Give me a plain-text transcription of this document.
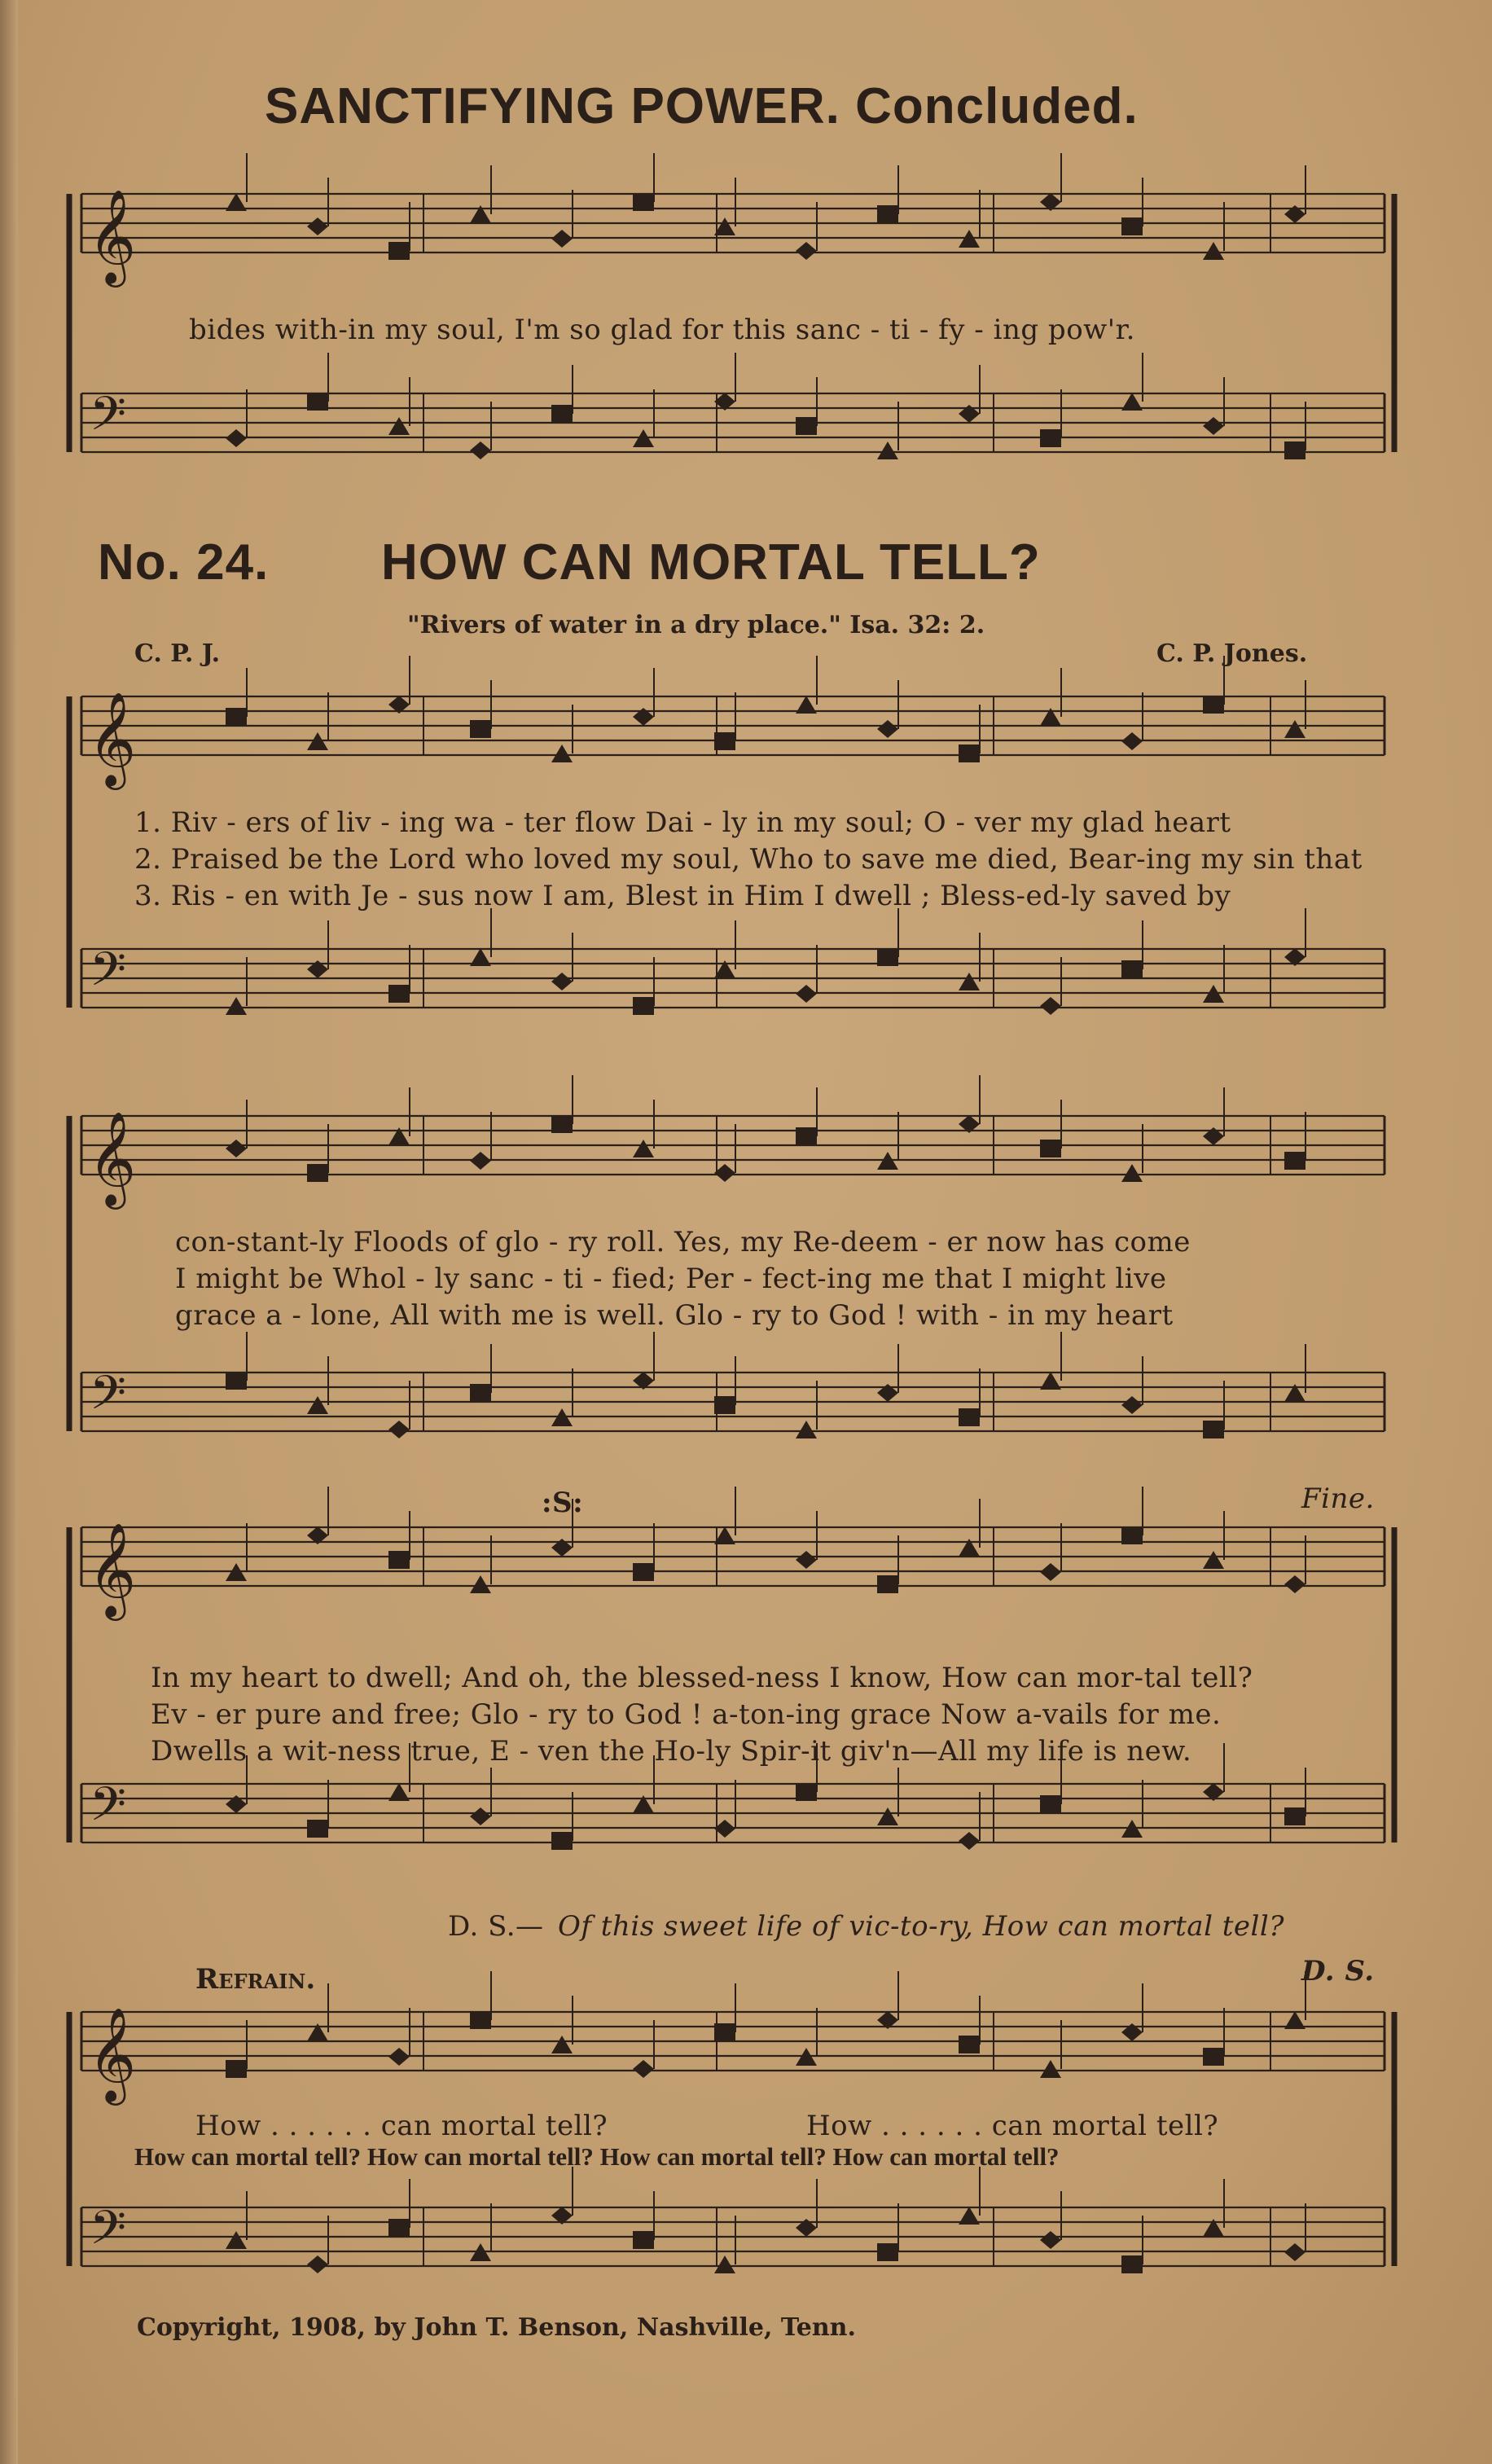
𝄞
𝄢
𝄞
𝄢
𝄞
𝄢
𝄞
𝄢
𝄞
𝄢
SANCTIFYING POWER. Concluded.
bides with-in my soul, I'm so glad for this sanc - ti - fy - ing pow'r.
No. 24. HOW CAN MORTAL TELL?
"Rivers of water in a dry place." Isa. 32: 2.
C. P. J.	C. P. Jones.
1. Riv - ers of liv - ing wa - ter flow Dai - ly in my soul; O - ver my glad heart
2. Praised be the Lord who loved my soul, Who to save me died, Bear-ing my sin that
3. Ris - en with Je - sus now I am, Blest in Him I dwell ; Bless-ed-ly saved by
con-stant-ly Floods of glo - ry roll. Yes, my Re-deem - er now has come
I might be Whol - ly sanc - ti - fied; Per - fect-ing me that I might live
grace a - lone, All with me is well. Glo - ry to God ! with - in my heart
:S:	Fine.
In my heart to dwell; And oh, the blessed-ness I know, How can mor-tal tell?
Ev - er pure and free; Glo - ry to God ! a-ton-ing grace Now a-vails for me.
Dwells a wit-ness true, E - ven the Ho-ly Spir-it giv'n—All my life is new.
D. S.— Of this sweet life of vic-to-ry, How can mortal tell?
Refrain.	D. S.
How . . . . . . can mortal tell?	How . . . . . . can mortal tell?
How can mortal tell? How can mortal tell? How can mortal tell? How can mortal tell?
Copyright, 1908, by John T. Benson, Nashville, Tenn.
